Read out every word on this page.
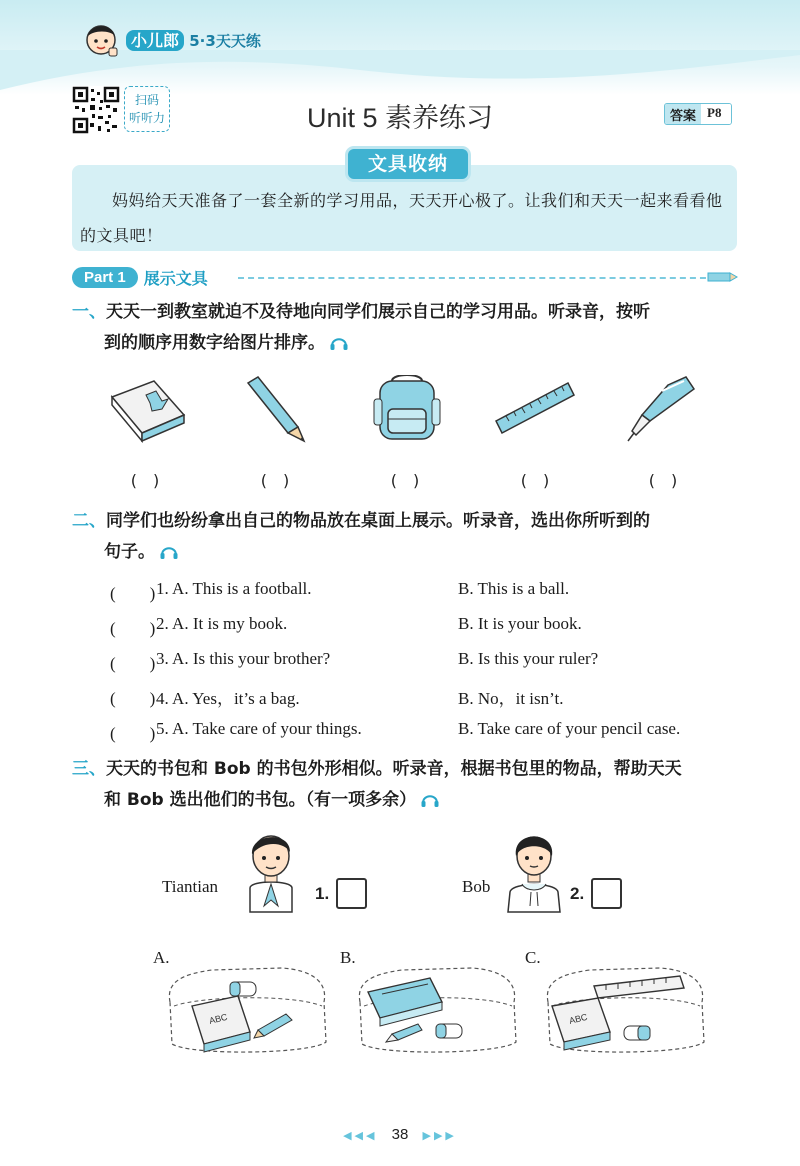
小儿郎 5·3天天练
扫码
听听力	Unit 5 素养练习	答案 P8
文具收纳
妈妈给天天准备了一套全新的学习用品，天天开心极了。让我们和天天一起来看看他的文具吧！
Part 1	展示文具
一、天天一到教室就迫不及待地向同学们展示自己的学习用品。听录音，按听
到的顺序用数字给图片排序。
(　)	(　)	(　)	(　)	(　)
二、同学们也纷纷拿出自己的物品放在桌面上展示。听录音，选出你所听到的
句子。
(　　) 1. A. This is a football.	B. This is a ball.
(　　) 2. A. It is my book.	B. It is your book.
(　　) 3. A. Is this your brother?	B. Is this your ruler?
(　　) 4. A. Yes，it’s a bag.	B. No，it isn’t.
(　　) 5. A. Take care of your things.	B. Take care of your pencil case.
三、天天的书包和 Bob 的书包外形相似。听录音，根据书包里的物品，帮助天天
和 Bob 选出他们的书包。（有一项多余）
Tiantian	1.	Bob	2.
A.	B.	C.
ABC	ABC
◀◀◀ 38 ▶▶▶
